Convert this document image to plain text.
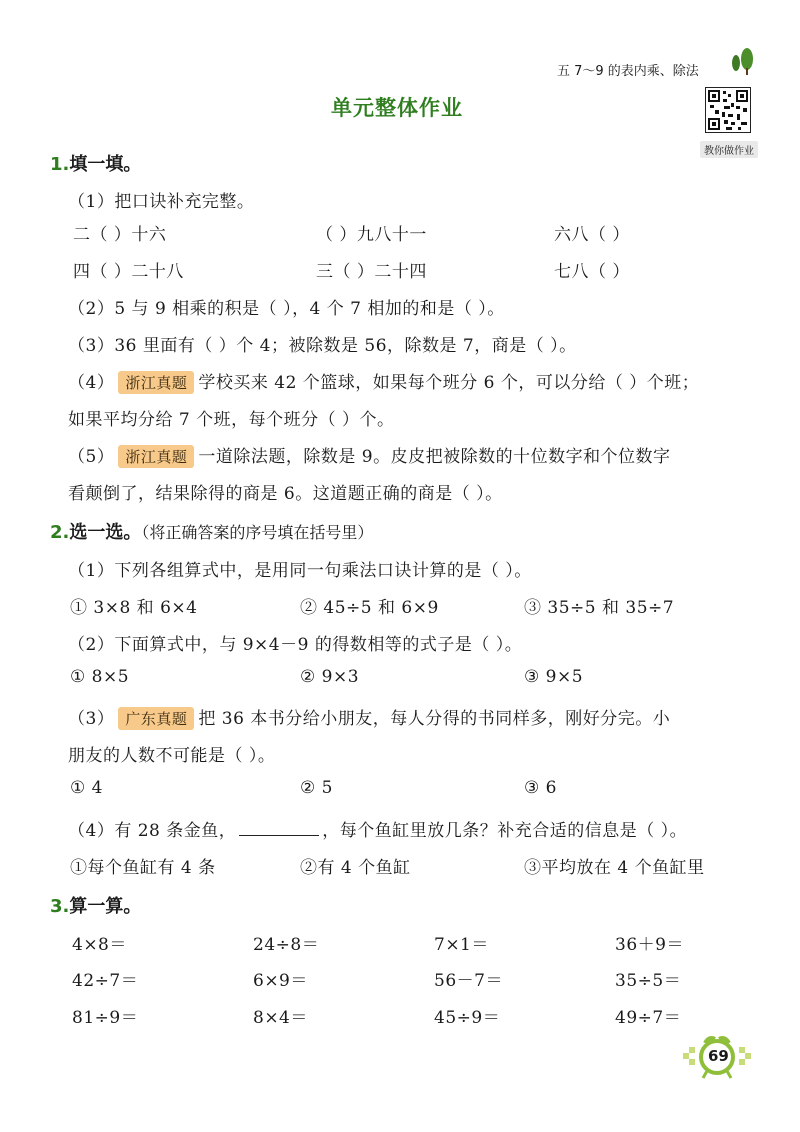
五 7～9 的表内乘、除法
单元整体作业
教你做作业
1.填一填。
（1）把口诀补充完整。
二（ ）十六	（ ）九八十一	六八（ ）
四（ ）二十八	三（ ）二十四	七八（ ）
（2）5 与 9 相乘的积是（ ），4 个 7 相加的和是（ ）。
（3）36 里面有（ ）个 4；被除数是 56，除数是 7，商是（ ）。
（4） 浙江真题 学校买来 42 个篮球，如果每个班分 6 个，可以分给（ ）个班；
如果平均分给 7 个班，每个班分（ ）个。
（5） 浙江真题 一道除法题，除数是 9。皮皮把被除数的十位数字和个位数字
看颠倒了，结果除得的商是 6。这道题正确的商是（ ）。
2.选一选。（将正确答案的序号填在括号里）
（1）下列各组算式中，是用同一句乘法口诀计算的是（ ）。
① 3×8 和 6×4	② 45÷5 和 6×9	③ 35÷5 和 35÷7
（2）下面算式中，与 9×4－9 的得数相等的式子是（ ）。
① 8×5	② 9×3	③ 9×5
（3） 广东真题 把 36 本书分给小朋友，每人分得的书同样多，刚好分完。小
朋友的人数不可能是（ ）。
① 4	② 5	③ 6
（4）有 28 条金鱼，	，每个鱼缸里放几条？补充合适的信息是（ ）。
①每个鱼缸有 4 条	②有 4 个鱼缸	③平均放在 4 个鱼缸里
3.算一算。
4×8＝	24÷8＝	7×1＝	36＋9＝
42÷7＝	6×9＝	56－7＝	35÷5＝
81÷9＝	8×4＝	45÷9＝	49÷7＝
69
